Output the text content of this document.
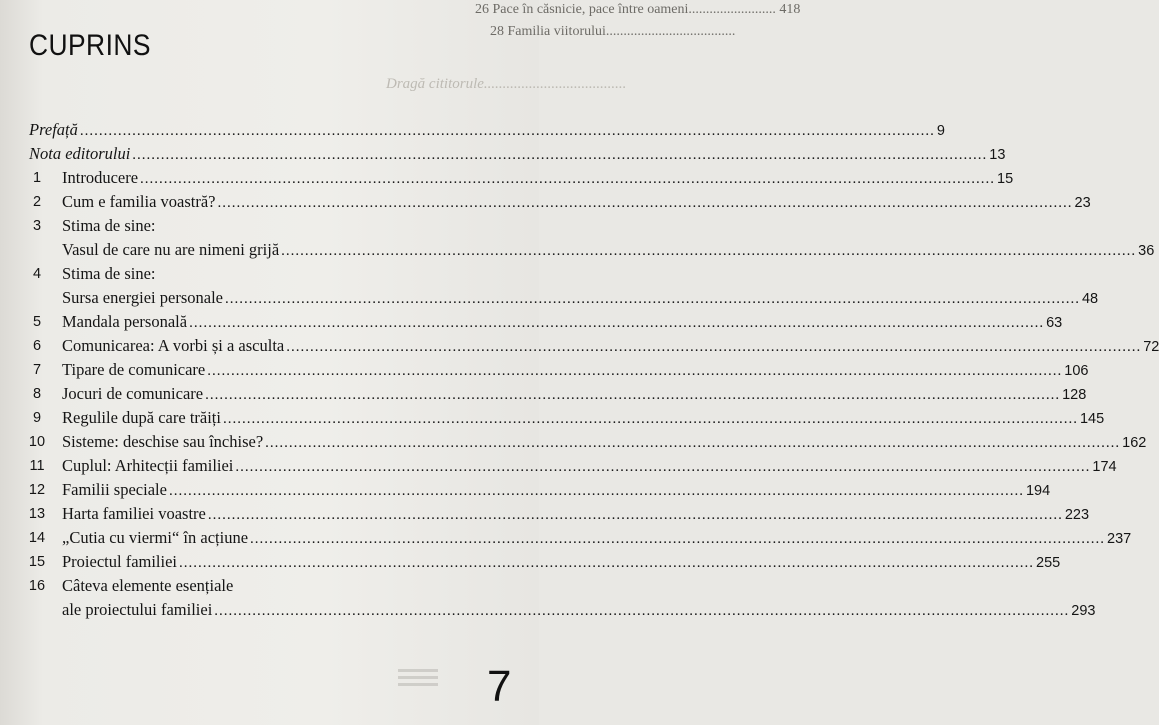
26 Pace în căsnicie, pace între oameni......................... 418
28 Familia viitorului.....................................
Dragă cititorule......................................
CUPRINS
Prefață .....	9
Nota editorului .....	13
1	Introducere .....	15
2	Cum e familia voastră? .....	23
3	Stima de sine:
Vasul de care nu are nimeni grijă .....	36
4	Stima de sine:
Sursa energiei personale .....	48
5	Mandala personală .....	63
6	Comunicarea: A vorbi și a asculta .....	72
7	Tipare de comunicare .....	106
8	Jocuri de comunicare .....	128
9	Regulile după care trăiți .....	145
10	Sisteme: deschise sau închise? .....	162
11	Cuplul: Arhitecții familiei .....	174
12	Familii speciale .....	194
13	Harta familiei voastre .....	223
14	„Cutia cu viermi“ în acțiune .....	237
15	Proiectul familiei .....	255
16	Câteva elemente esențiale
ale proiectului familiei .....	293
7
